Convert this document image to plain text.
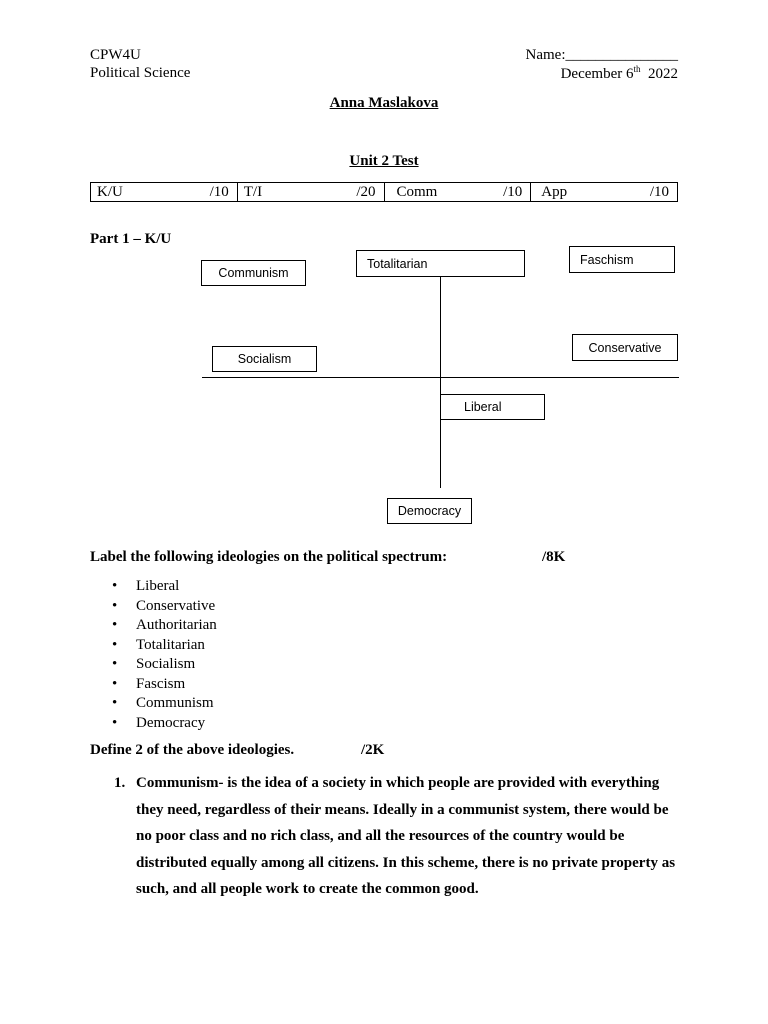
CPW4U
Political Science
Name:_______________
December 6th 2022
Anna Maslakova
Unit 2 Test
K/U	/10 T/I	/20	Comm	/10 App	/10
Part 1 – K/U
Communism
Totalitarian	Faschism
Socialism
Conservative
Liberal
Democracy
Label the following ideologies on the political spectrum:	/8K
• Liberal
• Conservative
• Authoritarian
• Totalitarian
• Socialism
• Fascism
• Communism
• Democracy
Define 2 of the above ideologies.	/2K
1. Communism- is the idea of a society in which people are provided with everything they need, regardless of their means. Ideally in a communist system, there would be no poor class and no rich class, and all the resources of the country would be distributed equally among all citizens. In this scheme, there is no private property as such, and all people work to create the common good.
